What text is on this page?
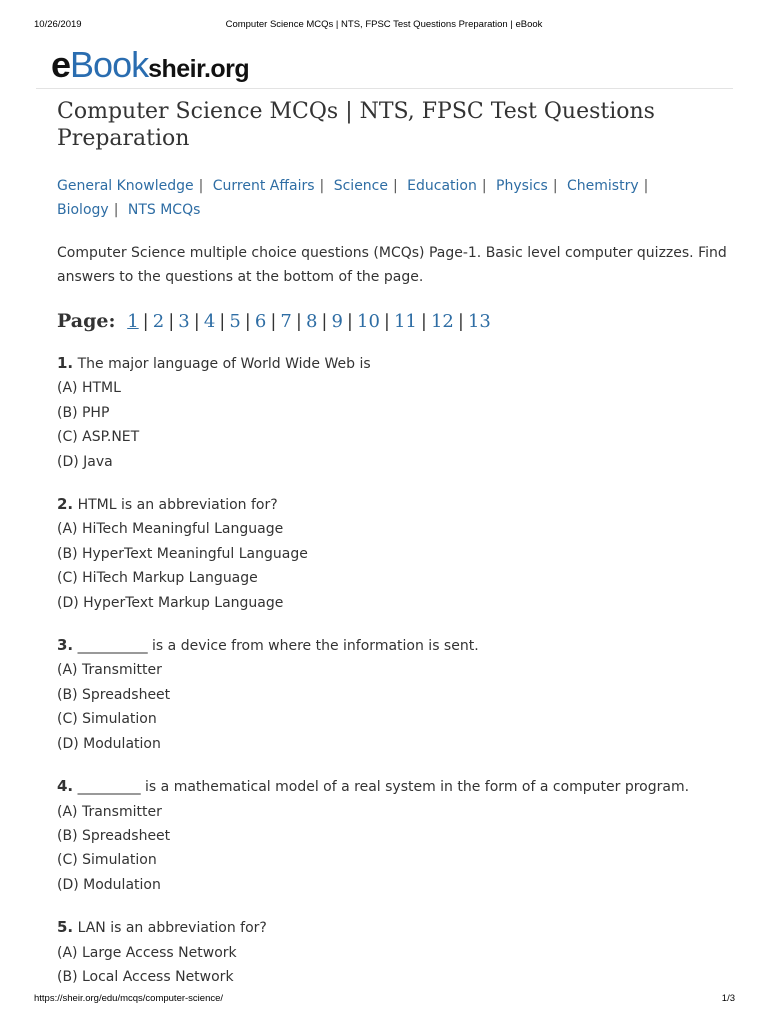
10/26/2019	Computer Science MCQs | NTS, FPSC Test Questions Preparation | eBook
eBooksheir.org
Computer Science MCQs | NTS, FPSC Test Questions Preparation
General Knowledge | Current Affairs | Science | Education | Physics | Chemistry | Biology | NTS MCQs

Computer Science multiple choice questions (MCQs) Page-1. Basic level computer quizzes. Find answers to the questions at the bottom of the page.

Page: 1 | 2 | 3 | 4 | 5 | 6 | 7 | 8 | 9 | 10 | 11 | 12 | 13
1. The major language of World Wide Web is
(A) HTML
(B) PHP
(C) ASP.NET
(D) Java
2. HTML is an abbreviation for?
(A) HiTech Meaningful Language
(B) HyperText Meaningful Language
(C) HiTech Markup Language
(D) HyperText Markup Language
3. __________ is a device from where the information is sent.
(A) Transmitter
(B) Spreadsheet
(C) Simulation
(D) Modulation
4. _________ is a mathematical model of a real system in the form of a computer program.
(A) Transmitter
(B) Spreadsheet
(C) Simulation
(D) Modulation
5. LAN is an abbreviation for?
(A) Large Access Network
(B) Local Access Network
https://sheir.org/edu/mcqs/computer-science/	1/3
